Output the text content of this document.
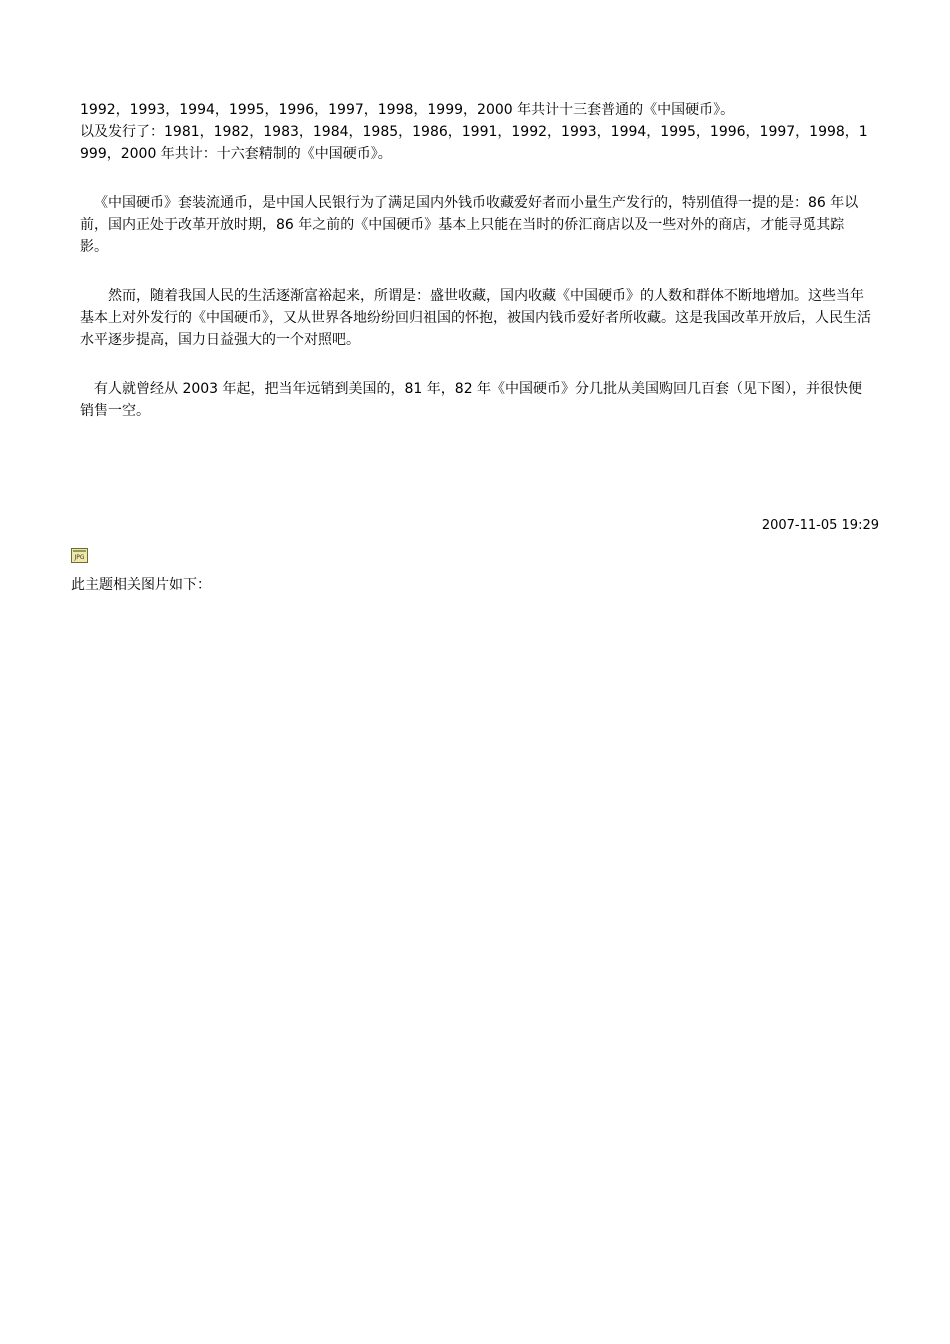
1992，1993，1994，1995，1996，1997，1998，1999，2000 年共计十三套普通的《中国硬币》。

以及发行了：1981，1982，1983，1984，1985，1986，1991，1992，1993，1994，1995，1996，1997，1998，1999，2000 年共计：十六套精制的《中国硬币》。

《中国硬币》套装流通币，是中国人民银行为了满足国内外钱币收藏爱好者而小量生产发行的，特别值得一提的是：86 年以前，国内正处于改革开放时期，86 年之前的《中国硬币》基本上只能在当时的侨汇商店以及一些对外的商店，才能寻觅其踪影。

然而，随着我国人民的生活逐渐富裕起来，所谓是：盛世收藏，国内收藏《中国硬币》的人数和群体不断地增加。这些当年基本上对外发行的《中国硬币》，又从世界各地纷纷回归祖国的怀抱，被国内钱币爱好者所收藏。这是我国改革开放后，人民生活水平逐步提高，国力日益强大的一个对照吧。

有人就曾经从 2003 年起，把当年远销到美国的，81 年，82 年《中国硬币》分几批从美国购回几百套（见下图），并很快便销售一空。

2007-11-05 19:29
JPG
此主题相关图片如下：
